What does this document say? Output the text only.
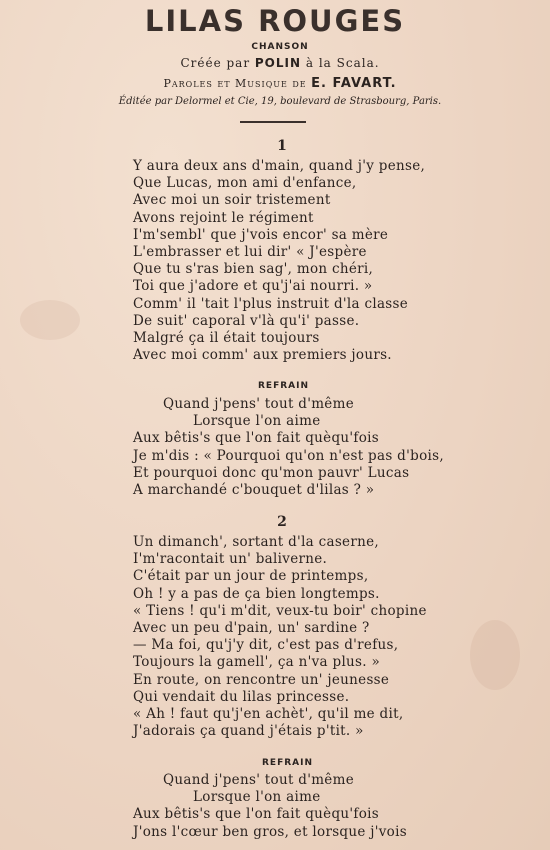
LILAS ROUGES
CHANSON
Créée par POLIN à la Scala.
Paroles et Musique de E. FAVART.
Éditée par Delormel et Cie, 19, boulevard de Strasbourg, Paris.
1
Y aura deux ans d'main, quand j'y pense,
Que Lucas, mon ami d'enfance,
Avec moi un soir tristement
Avons rejoint le régiment
I'm'sembl' que j'vois encor' sa mère
L'embrasser et lui dir' « J'espère
Que tu s'ras bien sag', mon chéri,
Toi que j'adore et qu'j'ai nourri. »
Comm' il 'tait l'plus instruit d'la classe
De suit' caporal v'là qu'i' passe.
Malgré ça il était toujours
Avec moi comm' aux premiers jours.
REFRAIN
Quand j'pens' tout d'même
Lorsque l'on aime
Aux bêtis's que l'on fait quèqu'fois
Je m'dis : « Pourquoi qu'on n'est pas d'bois,
Et pourquoi donc qu'mon pauvr' Lucas
A marchandé c'bouquet d'lilas ? »
2
Un dimanch', sortant d'la caserne,
I'm'racontait un' baliverne.
C'était par un jour de printemps,
Oh ! y a pas de ça bien longtemps.
« Tiens ! qu'i m'dit, veux-tu boir' chopine
Avec un peu d'pain, un' sardine ?
— Ma foi, qu'j'y dit, c'est pas d'refus,
Toujours la gamell', ça n'va plus. »
En route, on rencontre un' jeunesse
Qui vendait du lilas princesse.
« Ah ! faut qu'j'en achèt', qu'il me dit,
J'adorais ça quand j'étais p'tit. »
REFRAIN
Quand j'pens' tout d'même
Lorsque l'on aime
Aux bêtis's que l'on fait quèqu'fois
J'ons l'cœur ben gros, et lorsque j'vois
